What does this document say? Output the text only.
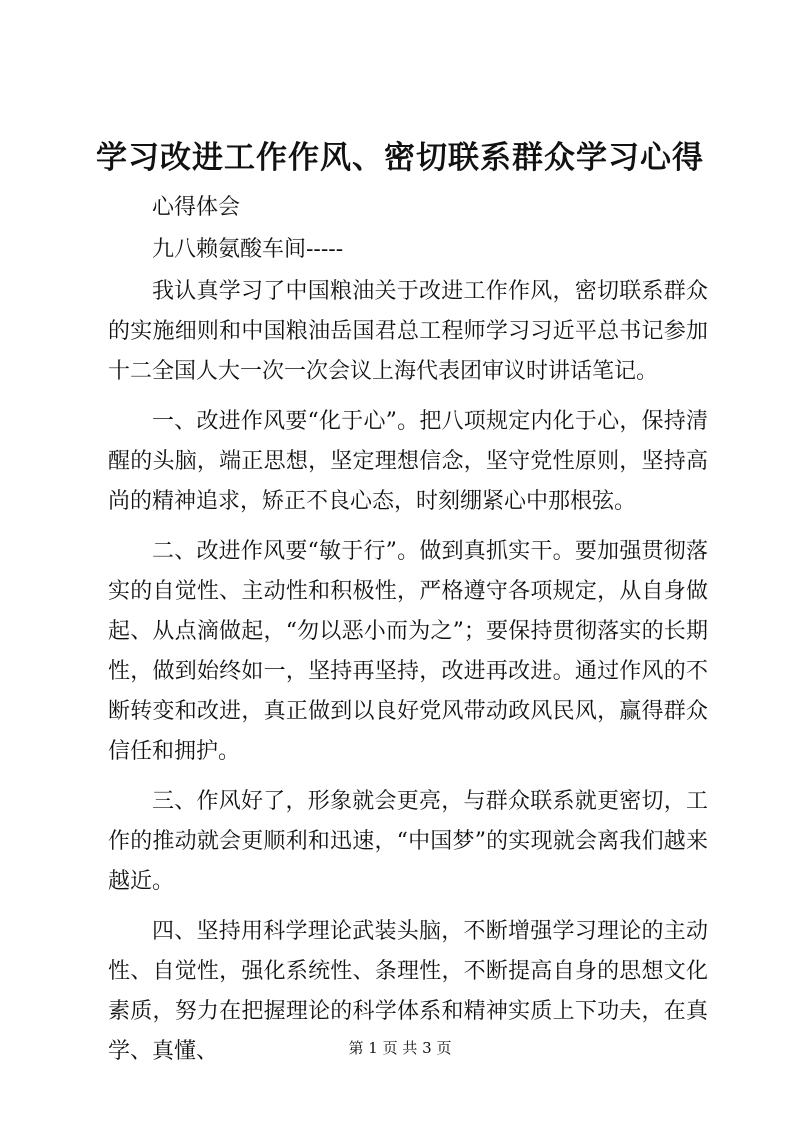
学习改进工作作风、密切联系群众学习心得

心得体会

九八赖氨酸车间-----

我认真学习了中国粮油关于改进工作作风，密切联系群众的实施细则和中国粮油岳国君总工程师学习习近平总书记参加十二全国人大一次一次会议上海代表团审议时讲话笔记。

一、改进作风要“化于心”。把八项规定内化于心，保持清醒的头脑，端正思想，坚定理想信念，坚守党性原则，坚持高尚的精神追求，矫正不良心态，时刻绷紧心中那根弦。

二、改进作风要“敏于行”。做到真抓实干。要加强贯彻落实的自觉性、主动性和积极性，严格遵守各项规定，从自身做起、从点滴做起，“勿以恶小而为之”；要保持贯彻落实的长期性，做到始终如一，坚持再坚持，改进再改进。通过作风的不断转变和改进，真正做到以良好党风带动政风民风，赢得群众信任和拥护。

三、作风好了，形象就会更亮，与群众联系就更密切，工作的推动就会更顺利和迅速，“中国梦”的实现就会离我们越来越近。

四、坚持用科学理论武装头脑，不断增强学习理论的主动性、自觉性，强化系统性、条理性，不断提高自身的思想文化素质，努力在把握理论的科学体系和精神实质上下功夫，在真学、真懂、	第 1 页 共 3 页
